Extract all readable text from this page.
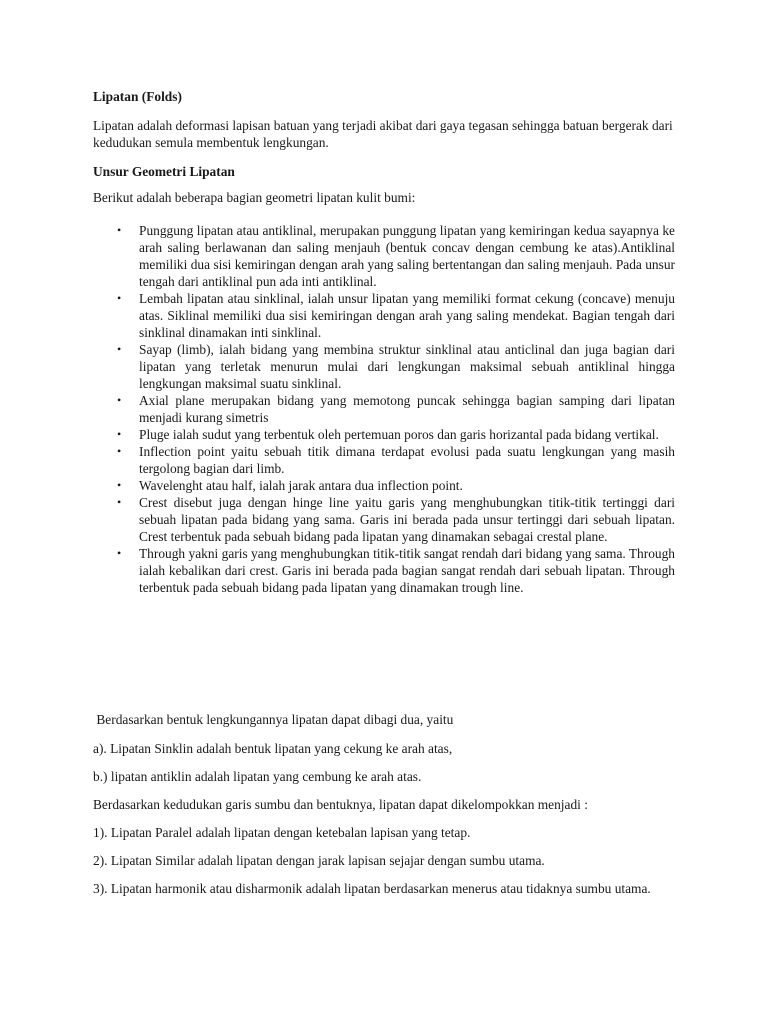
Lipatan (Folds)

Lipatan adalah deformasi lapisan batuan yang terjadi akibat dari gaya tegasan sehingga batuan bergerak dari kedudukan semula membentuk lengkungan.

Unsur Geometri Lipatan

Berikut adalah beberapa bagian geometri lipatan kulit bumi:

• Punggung lipatan atau antiklinal, merupakan punggung lipatan yang kemiringan kedua sayapnya ke arah saling berlawanan dan saling menjauh (bentuk concav dengan cembung ke atas).Antiklinal memiliki dua sisi kemiringan dengan arah yang saling bertentangan dan saling menjauh. Pada unsur tengah dari antiklinal pun ada inti antiklinal.
• Lembah lipatan atau sinklinal, ialah unsur lipatan yang memiliki format cekung (concave) menuju atas. Siklinal memiliki dua sisi kemiringan dengan arah yang saling mendekat. Bagian tengah dari sinklinal dinamakan inti sinklinal.
• Sayap (limb), ialah bidang yang membina struktur sinklinal atau anticlinal dan juga bagian dari lipatan yang terletak menurun mulai dari lengkungan maksimal sebuah antiklinal hingga lengkungan maksimal suatu sinklinal.
• Axial plane merupakan bidang yang memotong puncak sehingga bagian samping dari lipatan menjadi kurang simetris
• Pluge ialah sudut yang terbentuk oleh pertemuan poros dan garis horizantal pada bidang vertikal.
• Inflection point yaitu sebuah titik dimana terdapat evolusi pada suatu lengkungan yang masih tergolong bagian dari limb.
• Wavelenght atau half, ialah jarak antara dua inflection point.
• Crest disebut juga dengan hinge line yaitu garis yang menghubungkan titik-titik tertinggi dari sebuah lipatan pada bidang yang sama. Garis ini berada pada unsur tertinggi dari sebuah lipatan. Crest terbentuk pada sebuah bidang pada lipatan yang dinamakan sebagai crestal plane.
• Through yakni garis yang menghubungkan titik-titik sangat rendah dari bidang yang sama. Through ialah kebalikan dari crest. Garis ini berada pada bagian sangat rendah dari sebuah lipatan. Through terbentuk pada sebuah bidang pada lipatan yang dinamakan trough line.

Berdasarkan bentuk lengkungannya lipatan dapat dibagi dua, yaitu

a). Lipatan Sinklin adalah bentuk lipatan yang cekung ke arah atas,

b.) lipatan antiklin adalah lipatan yang cembung ke arah atas.

Berdasarkan kedudukan garis sumbu dan bentuknya, lipatan dapat dikelompokkan menjadi :

1). Lipatan Paralel adalah lipatan dengan ketebalan lapisan yang tetap.

2). Lipatan Similar adalah lipatan dengan jarak lapisan sejajar dengan sumbu utama.

3). Lipatan harmonik atau disharmonik adalah lipatan berdasarkan menerus atau tidaknya sumbu utama.
